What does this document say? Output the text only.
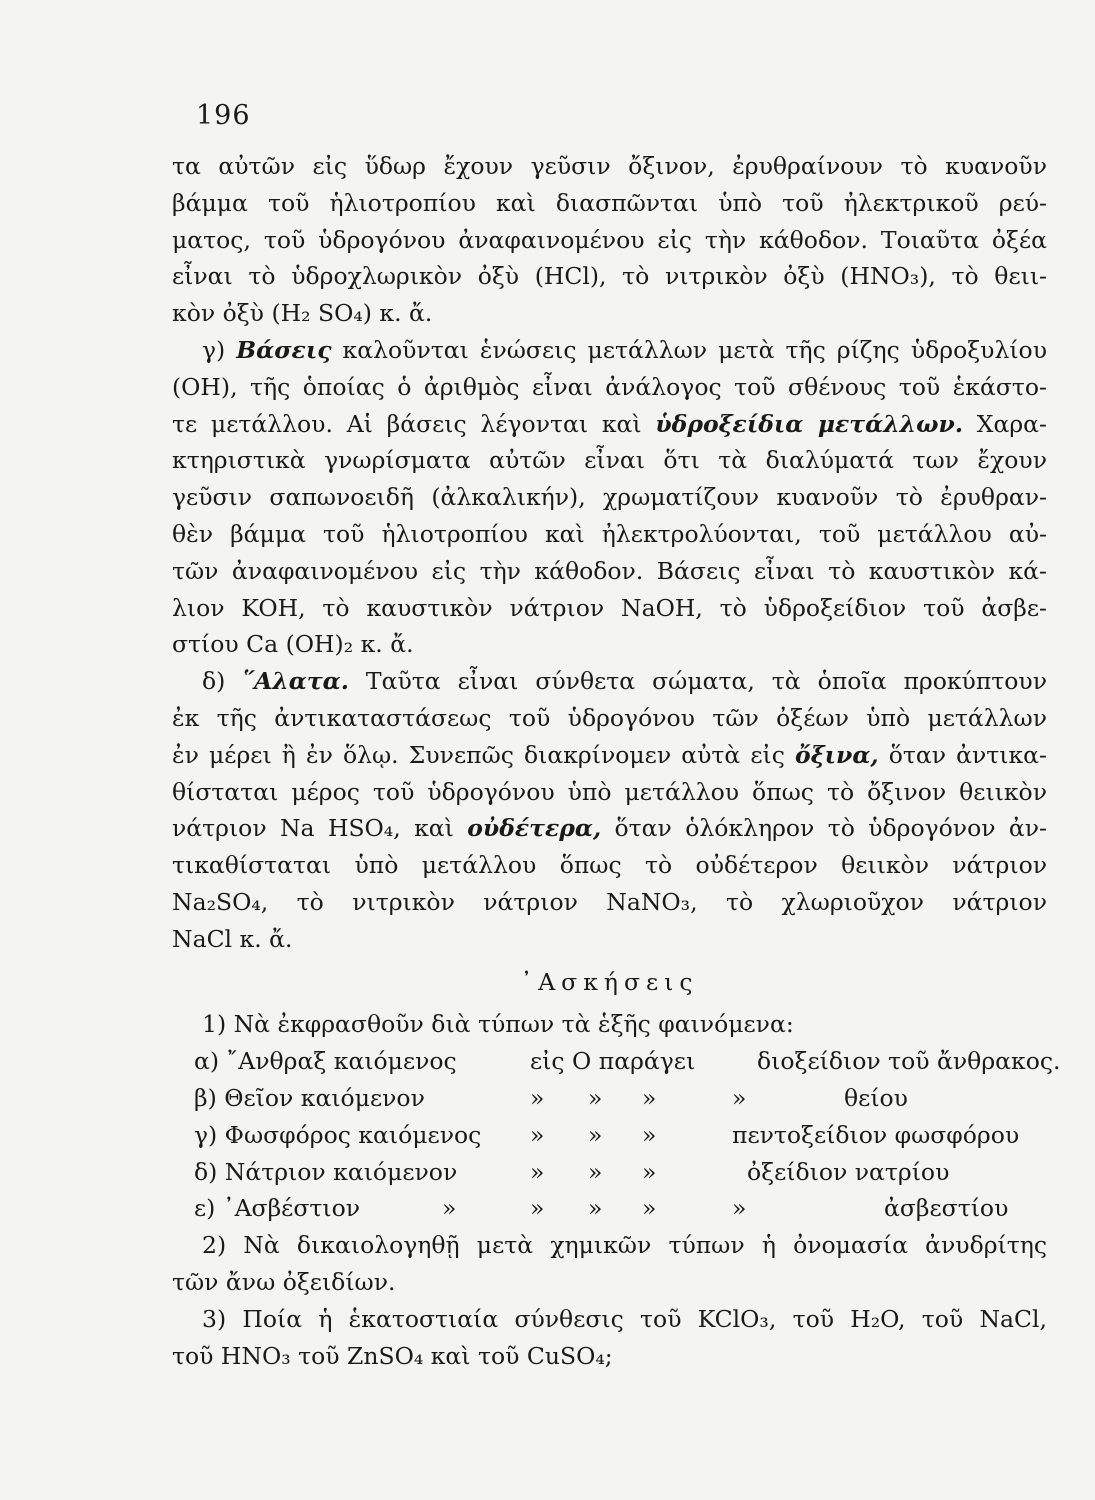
196
τα αὐτῶν εἰς ὕδωρ ἔχουν γεῦσιν ὄξινον, ἐρυθραίνουν τὸ κυανοῦν
βάμμα τοῦ ἡλιοτροπίου καὶ διασπῶνται ὑπὸ τοῦ ἠλεκτρικοῦ ρεύ-
ματος, τοῦ ὑδρογόνου ἀναφαινομένου εἰς τὴν κάθοδον. Τοιαῦτα ὀξέα
εἶναι τὸ ὑδροχλωρικὸν ὀξὺ (HCl), τὸ νιτρικὸν ὀξὺ (HNO₃), τὸ θειι-
κὸν ὀξὺ (H₂ SO₄) κ. ἄ.
γ) Βάσεις καλοῦνται ἑνώσεις μετάλλων μετὰ τῆς ρίζης ὑδροξυλίου
(OH), τῆς ὁποίας ὁ ἀριθμὸς εἶναι ἀνάλογος τοῦ σθένους τοῦ ἑκάστο-
τε μετάλλου. Αἱ βάσεις λέγονται καὶ ὑδροξείδια μετάλλων. Χαρα-
κτηριστικὰ γνωρίσματα αὐτῶν εἶναι ὅτι τὰ διαλύματά των ἔχουν
γεῦσιν σαπωνοειδῆ (ἀλκαλικήν), χρωματίζουν κυανοῦν τὸ ἐρυθραν-
θὲν βάμμα τοῦ ἡλιοτροπίου καὶ ἠλεκτρολύονται, τοῦ μετάλλου αὐ-
τῶν ἀναφαινομένου εἰς τὴν κάθοδον. Βάσεις εἶναι τὸ καυστικὸν κά-
λιον KOH, τὸ καυστικὸν νάτριον NaOH, τὸ ὑδροξείδιον τοῦ ἀσβε-
στίου Ca (OH)₂ κ. ἄ.
δ) ῞Αλατα. Ταῦτα εἶναι σύνθετα σώματα, τὰ ὁποῖα προκύπτουν
ἐκ τῆς ἀντικαταστάσεως τοῦ ὑδρογόνου τῶν ὀξέων ὑπὸ μετάλλων
ἐν μέρει ἢ ἐν ὅλῳ. Συνεπῶς διακρίνομεν αὐτὰ εἰς ὄξινα, ὅταν ἀντικα-
θίσταται μέρος τοῦ ὑδρογόνου ὑπὸ μετάλλου ὅπως τὸ ὄξινον θειικὸν
νάτριον Na HSO₄, καὶ οὐδέτερα, ὅταν ὁλόκληρον τὸ ὑδρογόνον ἀν-
τικαθίσταται ὑπὸ μετάλλου ὅπως τὸ οὐδέτερον θειικὸν νάτριον
Na₂SO₄, τὸ νιτρικὸν νάτριον NaNO₃, τὸ χλωριοῦχον νάτριον
NaCl κ. ἄ.
᾿Ασκήσεις
1) Νὰ ἐκφρασθοῦν διὰ τύπων τὰ ἑξῆς φαινόμενα:
α) ῎Ανθραξ καιόμενος	εἰς O παράγει	διοξείδιον τοῦ ἄνθρακος.
β) Θεῖον καιόμενον	» » »	»	θείου
γ) Φωσφόρος καιόμενος » » »	πεντοξείδιον φωσφόρου
δ) Νάτριον καιόμενον	» » »	ὀξείδιον νατρίου
ε) ᾿Ασβέστιον	»	» » »	»	ἀσβεστίου
2) Νὰ δικαιολογηθῇ μετὰ χημικῶν τύπων ἡ ὀνομασία ἀνυδρίτης
τῶν ἄνω ὀξειδίων.
3) Ποία ἡ ἑκατοστιαία σύνθεσις τοῦ KClO₃, τοῦ H₂O, τοῦ NaCl,
τοῦ HNO₃ τοῦ ZnSO₄ καὶ τοῦ CuSO₄;
